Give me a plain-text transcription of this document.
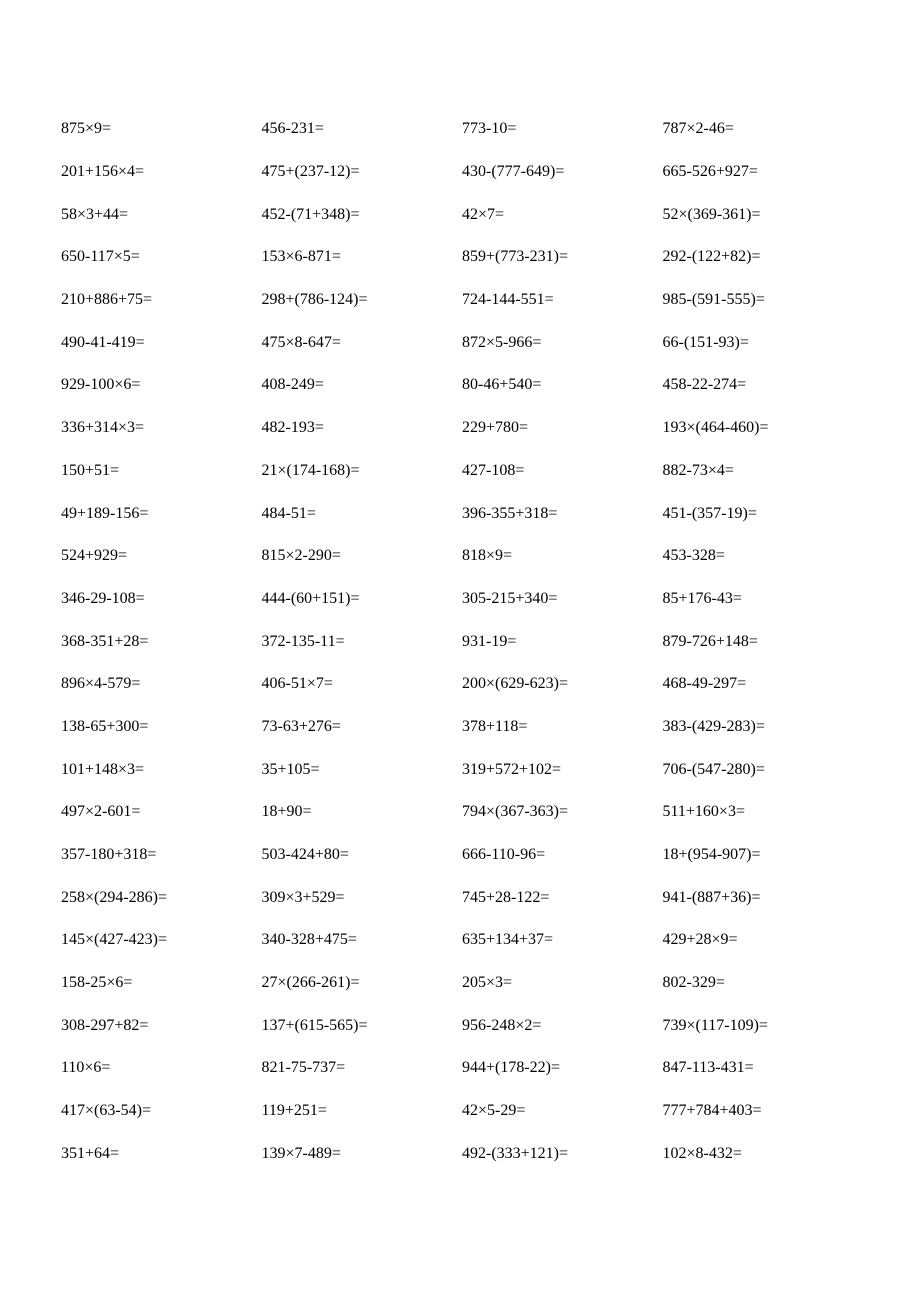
875×9=	456-231=	773-10=	787×2-46=
201+156×4=	475+(237-12)=	430-(777-649)=	665-526+927=
58×3+44=	452-(71+348)=	42×7=	52×(369-361)=
650-117×5=	153×6-871=	859+(773-231)=	292-(122+82)=
210+886+75=	298+(786-124)=	724-144-551=	985-(591-555)=
490-41-419=	475×8-647=	872×5-966=	66-(151-93)=
929-100×6=	408-249=	80-46+540=	458-22-274=
336+314×3=	482-193=	229+780=	193×(464-460)=
150+51=	21×(174-168)=	427-108=	882-73×4=
49+189-156=	484-51=	396-355+318=	451-(357-19)=
524+929=	815×2-290=	818×9=	453-328=
346-29-108=	444-(60+151)=	305-215+340=	85+176-43=
368-351+28=	372-135-11=	931-19=	879-726+148=
896×4-579=	406-51×7=	200×(629-623)=	468-49-297=
138-65+300=	73-63+276=	378+118=	383-(429-283)=
101+148×3=	35+105=	319+572+102=	706-(547-280)=
497×2-601=	18+90=	794×(367-363)=	511+160×3=
357-180+318=	503-424+80=	666-110-96=	18+(954-907)=
258×(294-286)=	309×3+529=	745+28-122=	941-(887+36)=
145×(427-423)=	340-328+475=	635+134+37=	429+28×9=
158-25×6=	27×(266-261)=	205×3=	802-329=
308-297+82=	137+(615-565)=	956-248×2=	739×(117-109)=
110×6=	821-75-737=	944+(178-22)=	847-113-431=
417×(63-54)=	119+251=	42×5-29=	777+784+403=
351+64=	139×7-489=	492-(333+121)=	102×8-432=
